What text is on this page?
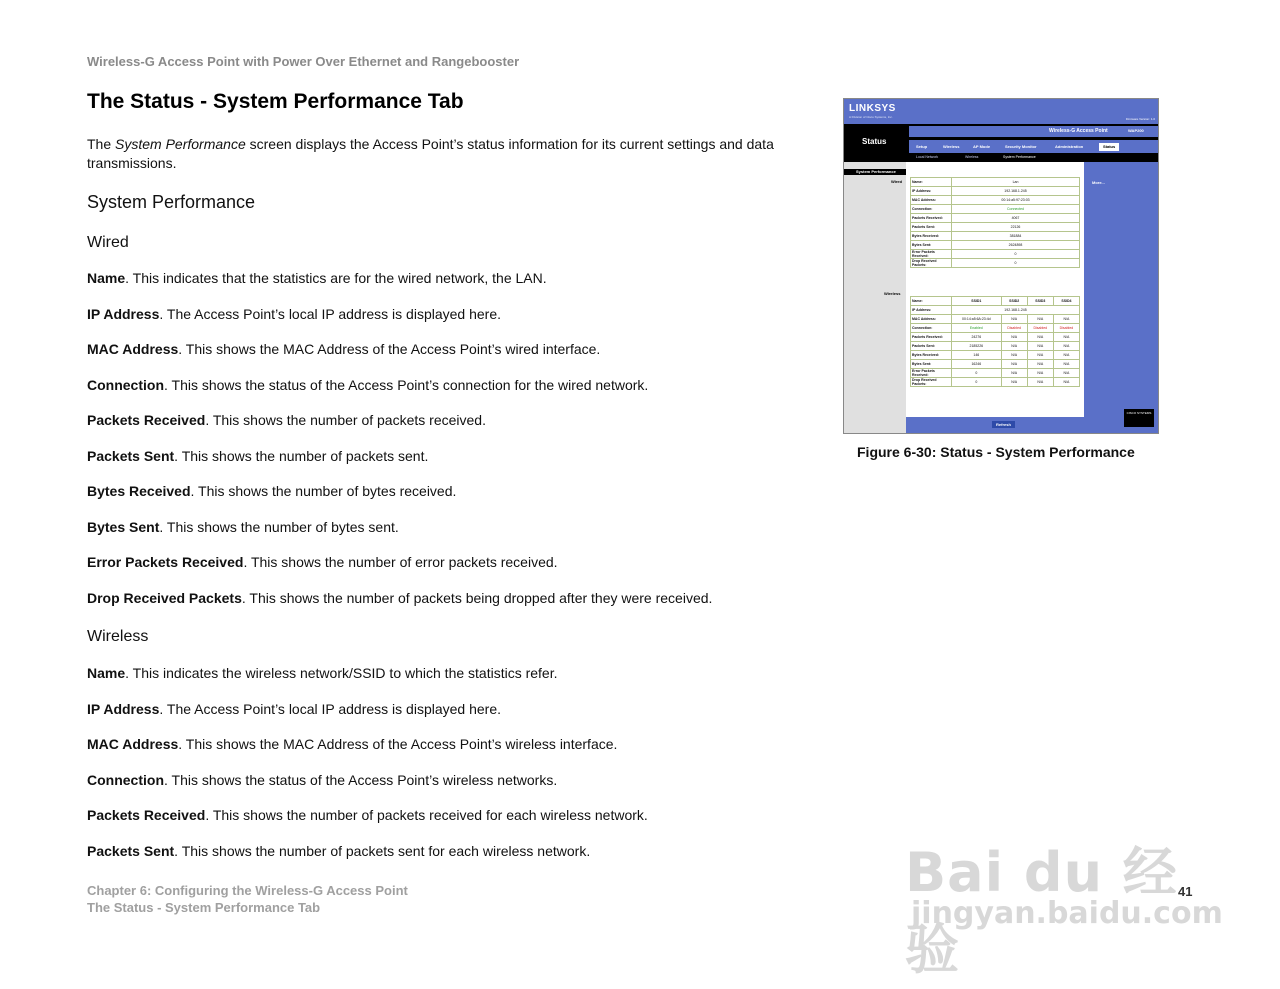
Wireless-G Access Point with Power Over Ethernet and Rangebooster
The Status - System Performance Tab

The System Performance screen displays the Access Point’s status information for its current settings and data transmissions.

System Performance
Wired
Name. This indicates that the statistics are for the wired network, the LAN.
IP Address. The Access Point’s local IP address is displayed here.
MAC Address. This shows the MAC Address of the Access Point’s wired interface.
Connection. This shows the status of the Access Point’s connection for the wired network.
Packets Received. This shows the number of packets received.
Packets Sent. This shows the number of packets sent.
Bytes Received. This shows the number of bytes received.
Bytes Sent. This shows the number of bytes sent.
Error Packets Received. This shows the number of error packets received.
Drop Received Packets. This shows the number of packets being dropped after they were received.
Wireless
Name. This indicates the wireless network/SSID to which the statistics refer.
IP Address. The Access Point’s local IP address is displayed here.
MAC Address. This shows the MAC Address of the Access Point’s wireless interface.
Connection. This shows the status of the Access Point’s wireless networks.
Packets Received. This shows the number of packets received for each wireless network.
Packets Sent. This shows the number of packets sent for each wireless network.
LINKSYS
A Division of Cisco Systems, Inc.	Firmware Version: 1.0
Status
Wireless-G Access Point	WAP200
Setup	Wireless	AP Mode	Security Monitor	Administration	Status
Local Network	Wireless	System Performance
System Performance
Wired
Wireless
More...
Name:	Lan
IP Address:	192.168.1.245
MAC Address:	00:14:a5:97:23:03
Connection:	Connected
Packets Received:	4067
Packets Sent:	22126
Bytes Received:	381884
Bytes Sent:	2624898
Error Packets Received:	0
Drop Received Packets:	0
Name:	SSID1	SSID2	SSID3	SSID4
IP Address:	192.168.1.245			
MAC Address:	00:14:a5:6A:23:4d	N/A	N/A	N/A
Connection:	Enabled	Disabled	Disabled	Disabled
Packets Received:	24276	N/A	N/A	N/A
Packets Sent:	2185226	N/A	N/A	N/A
Bytes Received:	146	N/A	N/A	N/A
Bytes Sent:	16246	N/A	N/A	N/A
Error Packets Received:	0	N/A	N/A	N/A
Drop Received Packets:	0	N/A	N/A	N/A
Refresh
CISCO SYSTEMS
Figure 6-30: Status - System Performance
Chapter 6: Configuring the Wireless-G Access Point
The Status - System Performance Tab
41
Bai du 经验
jingyan.baidu.com
